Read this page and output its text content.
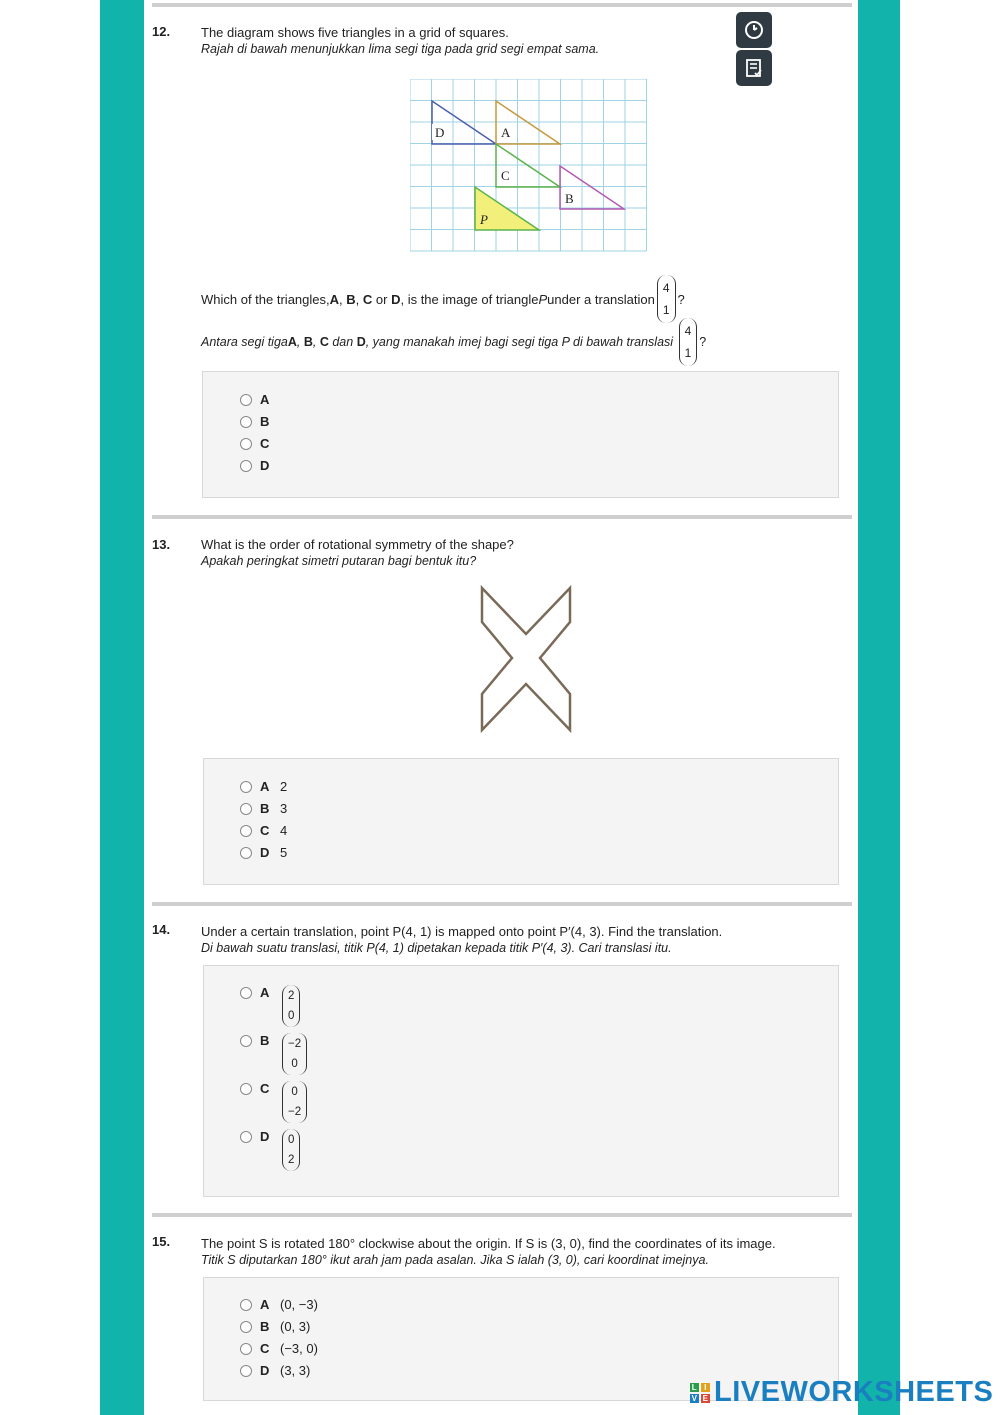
12. The diagram shows five triangles in a grid of squares.
Rajah di bawah menunjukkan lima segi tiga pada grid segi empat sama.
D	A
C
B
P
Which of the triangles, A , B , C
or
D , is the image of triangle P under a translation
4
1
?
Antara segi tiga A , B , C
dan
D , yang manakah imej bagi segi tiga P di bawah translasi

4
1
?
A
B
C
D
13. What is the order of rotational symmetry of the shape?
Apakah peringkat simetri putaran bagi bentuk itu?
A 2
B 3
C 4
D 5
14. Under a certain translation, point P(4, 1) is mapped onto point P′(4, 3). Find the translation.
Di bawah suatu translasi, titik P(4, 1) dipetakan kepada titik P′(4, 3). Cari translasi itu.
A	2
0
B	−2
0
C	0
−2
D	0
2
15. The point S is rotated 180° clockwise about the origin. If S is (3, 0), find the coordinates of its image.
Titik S diputarkan 180° ikut arah jam pada asalan. Jika S ialah (3, 0), cari koordinat imejnya.
A (0, −3)
B (0, 3)
C (−3, 0)
D (3, 3)
L I
V E LIVEWORKSHEETS
